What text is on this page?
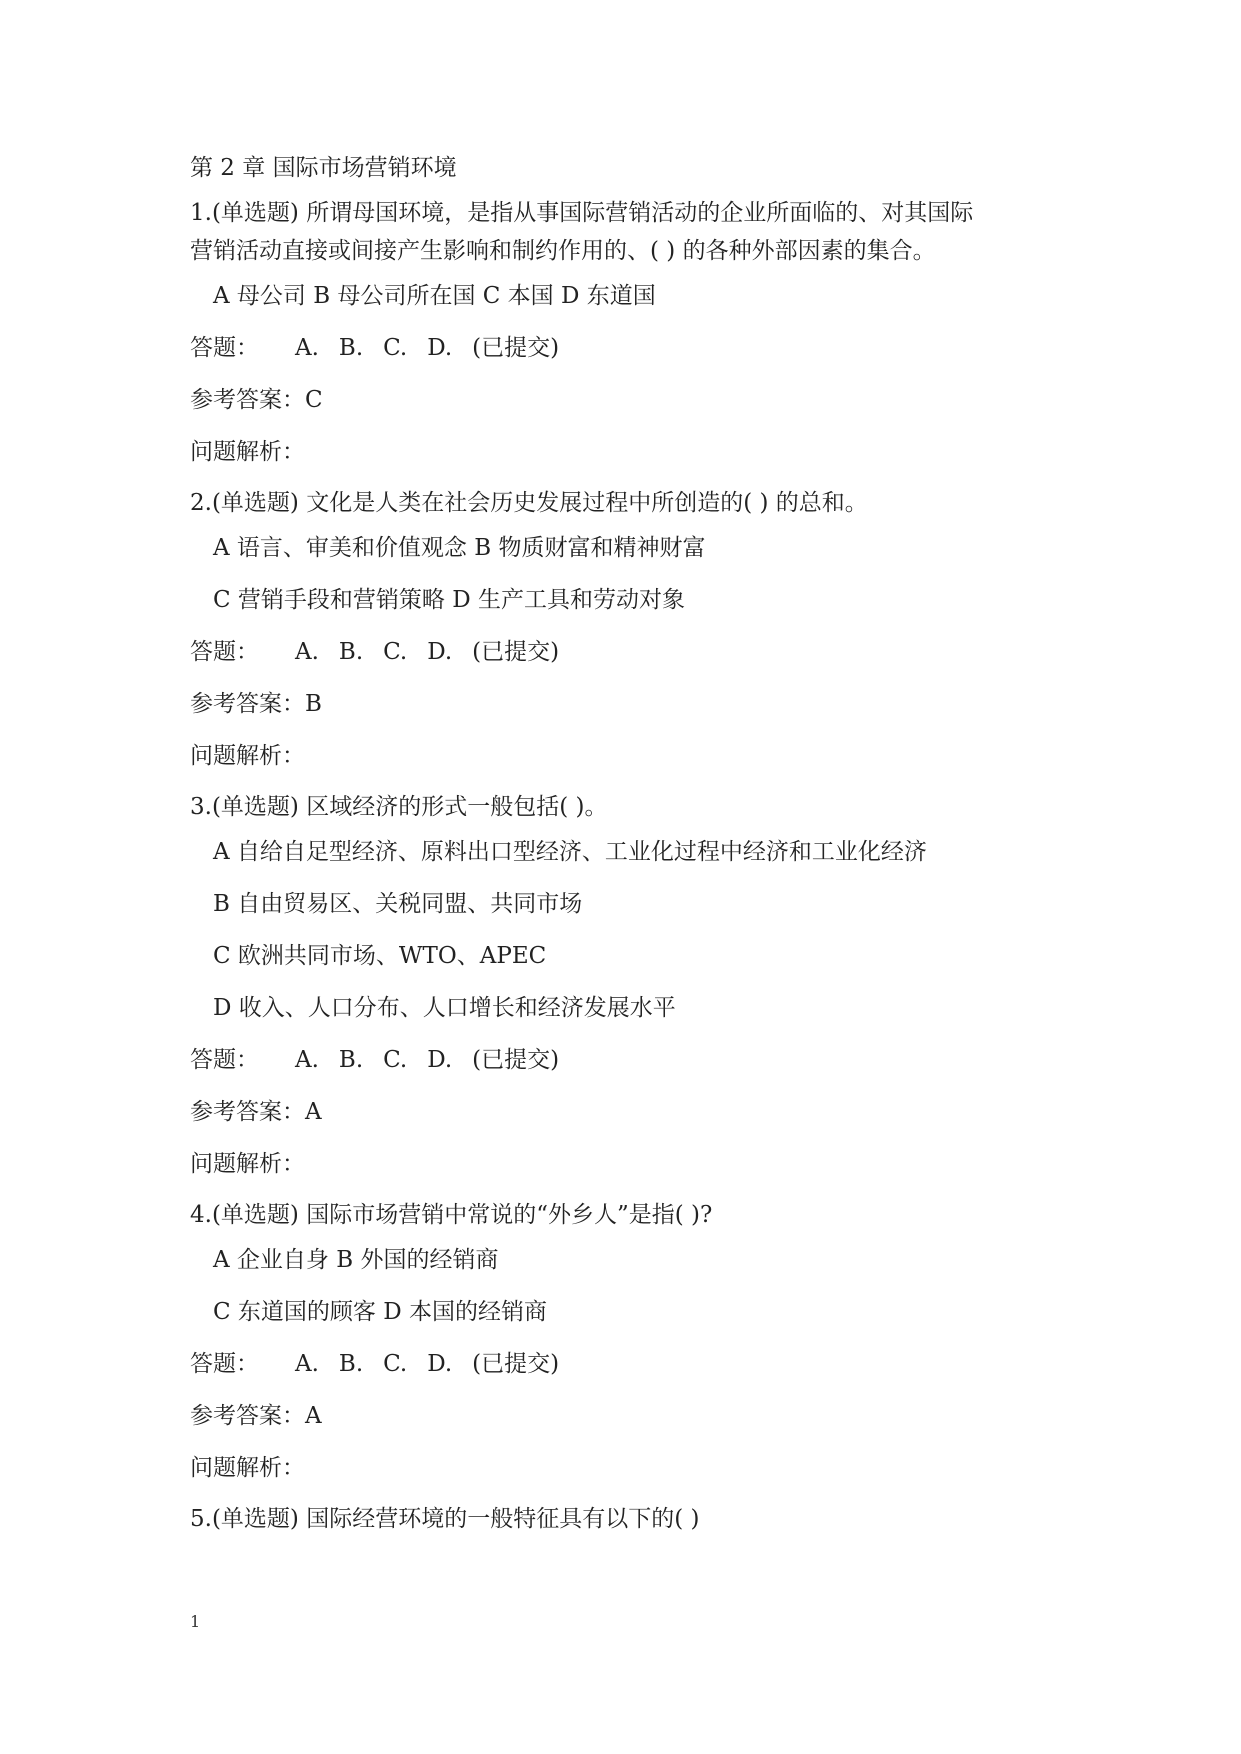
第 2 章 国际市场营销环境
1.(单选题) 所谓母国环境，是指从事国际营销活动的企业所面临的、对其国际
营销活动直接或间接产生影响和制约作用的、( ) 的各种外部因素的集合。
A 母公司 B 母公司所在国 C 本国 D 东道国
答题： A. B. C. D. (已提交)
参考答案：C
问题解析：
2.(单选题) 文化是人类在社会历史发展过程中所创造的( ) 的总和。
A 语言、审美和价值观念 B 物质财富和精神财富
C 营销手段和营销策略 D 生产工具和劳动对象
答题： A. B. C. D. (已提交)
参考答案：B
问题解析：
3.(单选题) 区域经济的形式一般包括( )。
A 自给自足型经济、原料出口型经济、工业化过程中经济和工业化经济
B 自由贸易区、关税同盟、共同市场
C 欧洲共同市场、WTO、APEC
D 收入、人口分布、人口增长和经济发展水平
答题： A. B. C. D. (已提交)
参考答案：A
问题解析：
4.(单选题) 国际市场营销中常说的“外乡人”是指( )?
A 企业自身 B 外国的经销商
C 东道国的顾客 D 本国的经销商
答题： A. B. C. D. (已提交)
参考答案：A
问题解析：
5.(单选题) 国际经营环境的一般特征具有以下的( )
1
